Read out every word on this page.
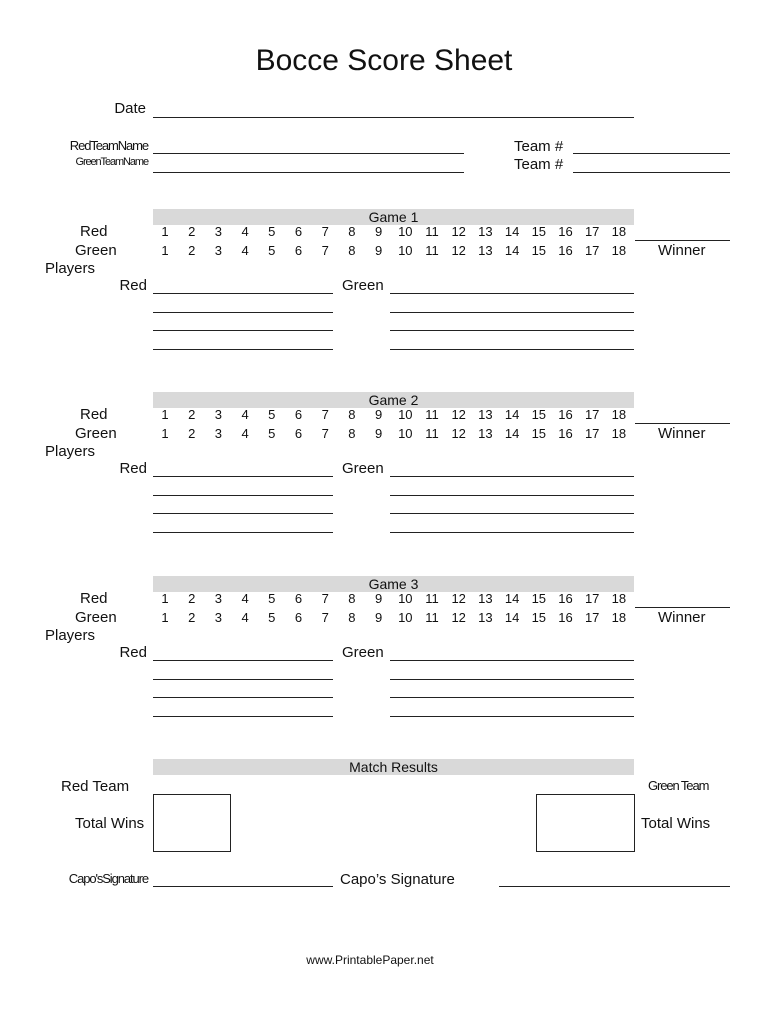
Bocce Score Sheet
Date
RedTeamName
GreenTeamName
Team #
Team #
Game 1
Red	1	2	3	4	5	6	7	8	9	10 11 12 13 14 15 16 17 18
Green	1	2	3	4	5	6	7	8	9	10 11 12 13 14 15 16 17 18	Winner
Players
Red	Green
Game 2
Red	1	2	3	4	5	6	7	8	9	10 11 12 13 14 15 16 17 18
Green	1	2	3	4	5	6	7	8	9	10 11 12 13 14 15 16 17 18	Winner
Players
Red	Green
Game 3
Red	1	2	3	4	5	6	7	8	9	10 11 12 13 14 15 16 17 18
Green	1	2	3	4	5	6	7	8	9	10 11 12 13 14 15 16 17 18	Winner
Players
Red	Green
Match Results
Red Team	Green Team
Total Wins	Total Wins
Capo'sSignature	Capo’s Signature
www.PrintablePaper.net
